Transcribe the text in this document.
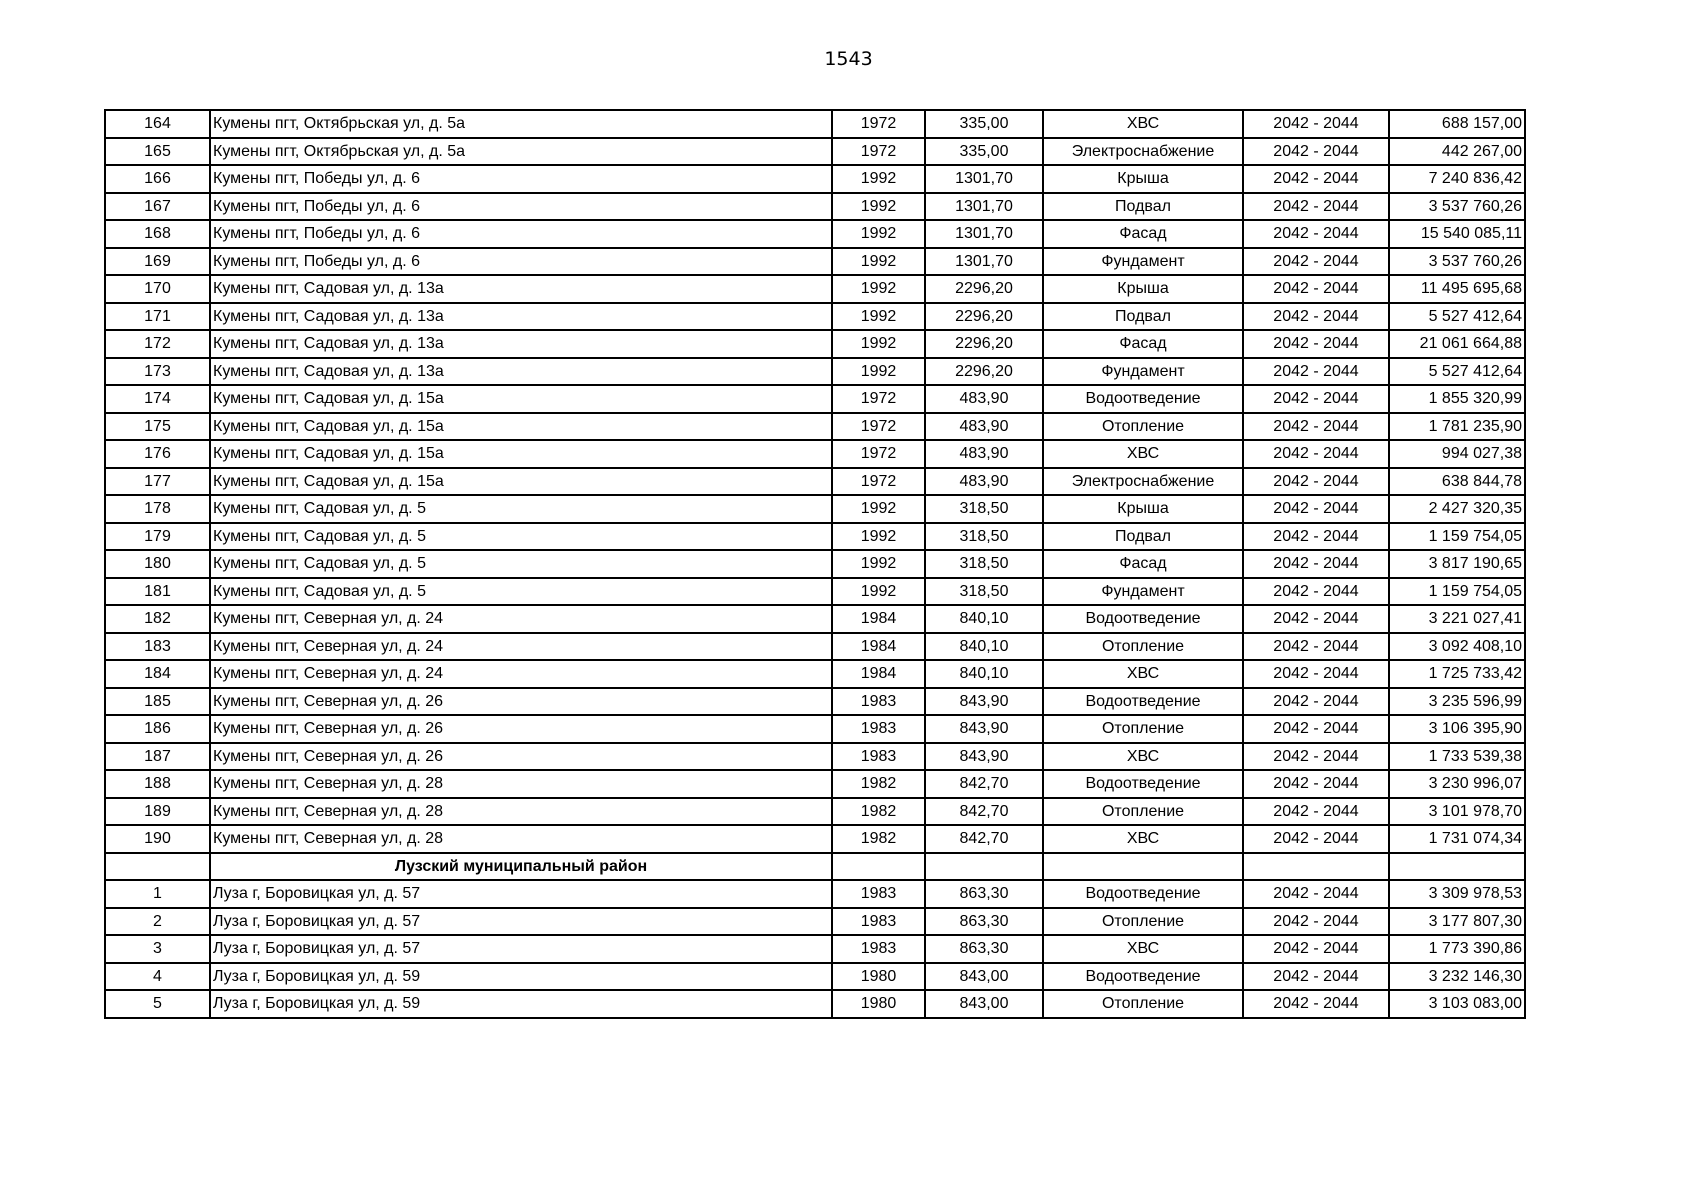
1543
164	Кумены пгт, Октябрьская ул, д. 5а	1972	335,00	ХВС	2042 - 2044	688 157,00
165	Кумены пгт, Октябрьская ул, д. 5а	1972	335,00	Электроснабжение	2042 - 2044	442 267,00
166	Кумены пгт, Победы ул, д. 6	1992	1301,70	Крыша	2042 - 2044	7 240 836,42
167	Кумены пгт, Победы ул, д. 6	1992	1301,70	Подвал	2042 - 2044	3 537 760,26
168	Кумены пгт, Победы ул, д. 6	1992	1301,70	Фасад	2042 - 2044	15 540 085,11
169	Кумены пгт, Победы ул, д. 6	1992	1301,70	Фундамент	2042 - 2044	3 537 760,26
170	Кумены пгт, Садовая ул, д. 13а	1992	2296,20	Крыша	2042 - 2044	11 495 695,68
171	Кумены пгт, Садовая ул, д. 13а	1992	2296,20	Подвал	2042 - 2044	5 527 412,64
172	Кумены пгт, Садовая ул, д. 13а	1992	2296,20	Фасад	2042 - 2044	21 061 664,88
173	Кумены пгт, Садовая ул, д. 13а	1992	2296,20	Фундамент	2042 - 2044	5 527 412,64
174	Кумены пгт, Садовая ул, д. 15а	1972	483,90	Водоотведение	2042 - 2044	1 855 320,99
175	Кумены пгт, Садовая ул, д. 15а	1972	483,90	Отопление	2042 - 2044	1 781 235,90
176	Кумены пгт, Садовая ул, д. 15а	1972	483,90	ХВС	2042 - 2044	994 027,38
177	Кумены пгт, Садовая ул, д. 15а	1972	483,90	Электроснабжение	2042 - 2044	638 844,78
178	Кумены пгт, Садовая ул, д. 5	1992	318,50	Крыша	2042 - 2044	2 427 320,35
179	Кумены пгт, Садовая ул, д. 5	1992	318,50	Подвал	2042 - 2044	1 159 754,05
180	Кумены пгт, Садовая ул, д. 5	1992	318,50	Фасад	2042 - 2044	3 817 190,65
181	Кумены пгт, Садовая ул, д. 5	1992	318,50	Фундамент	2042 - 2044	1 159 754,05
182	Кумены пгт, Северная ул, д. 24	1984	840,10	Водоотведение	2042 - 2044	3 221 027,41
183	Кумены пгт, Северная ул, д. 24	1984	840,10	Отопление	2042 - 2044	3 092 408,10
184	Кумены пгт, Северная ул, д. 24	1984	840,10	ХВС	2042 - 2044	1 725 733,42
185	Кумены пгт, Северная ул, д. 26	1983	843,90	Водоотведение	2042 - 2044	3 235 596,99
186	Кумены пгт, Северная ул, д. 26	1983	843,90	Отопление	2042 - 2044	3 106 395,90
187	Кумены пгт, Северная ул, д. 26	1983	843,90	ХВС	2042 - 2044	1 733 539,38
188	Кумены пгт, Северная ул, д. 28	1982	842,70	Водоотведение	2042 - 2044	3 230 996,07
189	Кумены пгт, Северная ул, д. 28	1982	842,70	Отопление	2042 - 2044	3 101 978,70
190	Кумены пгт, Северная ул, д. 28	1982	842,70	ХВС	2042 - 2044	1 731 074,34
	Лузский муниципальный район					
1	Луза г, Боровицкая ул, д. 57	1983	863,30	Водоотведение	2042 - 2044	3 309 978,53
2	Луза г, Боровицкая ул, д. 57	1983	863,30	Отопление	2042 - 2044	3 177 807,30
3	Луза г, Боровицкая ул, д. 57	1983	863,30	ХВС	2042 - 2044	1 773 390,86
4	Луза г, Боровицкая ул, д. 59	1980	843,00	Водоотведение	2042 - 2044	3 232 146,30
5	Луза г, Боровицкая ул, д. 59	1980	843,00	Отопление	2042 - 2044	3 103 083,00
